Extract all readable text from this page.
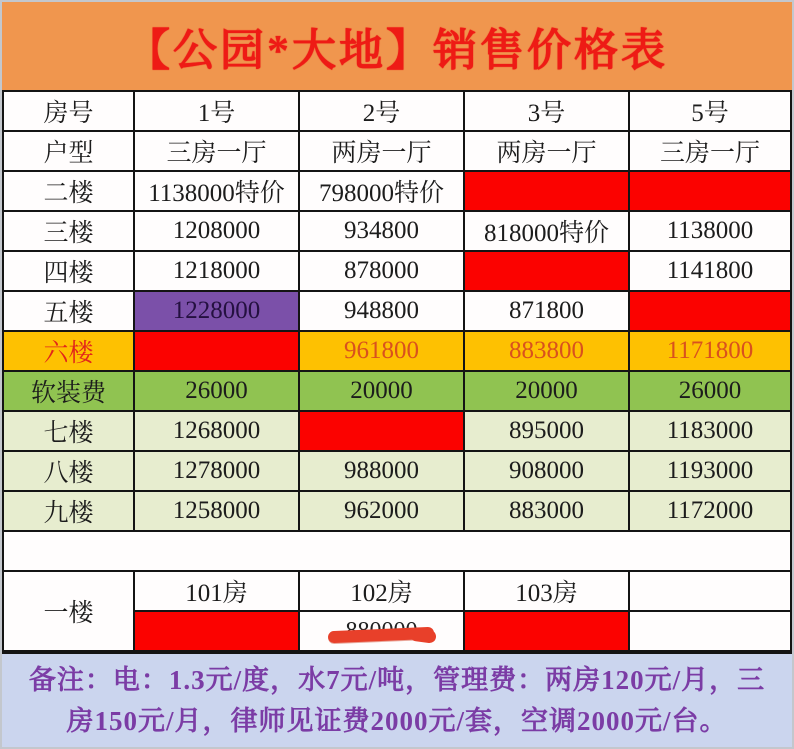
【公园*大地】销售价格表
房号	1号	2号	3号	5号
户型	三房一厅	两房一厅	两房一厅	三房一厅
二楼	1138000特价	798000特价		
三楼	1208000	934800	818000特价	1138000
四楼	1218000	878000		1141800
五楼	1228000	948800	871800	
六楼		961800	883800	1171800
软装费	26000	20000	20000	26000
七楼	1268000		895000	1183000
八楼	1278000	988000	908000	1193000
九楼	1258000	962000	883000	1172000

一楼	101房	102房	103房	

备注：电：1.3元/度，水7元/吨，管理费：两房120元/月，三

房150元/月，律师见证费2000元/套，空调2000元/台。
